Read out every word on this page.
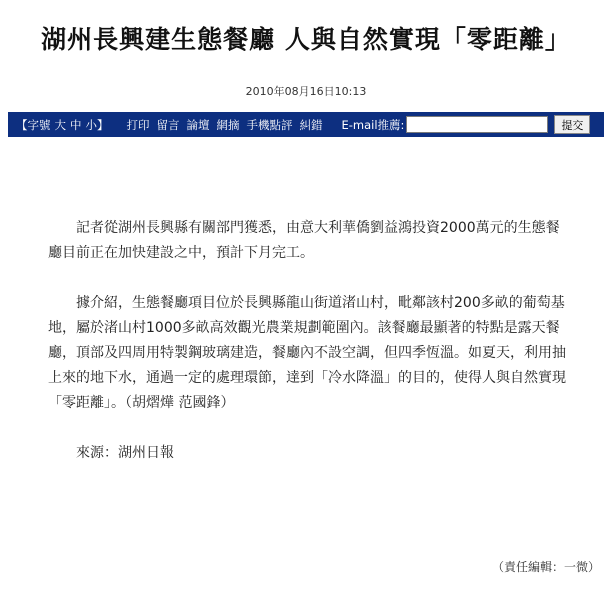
湖州長興建生態餐廳 人與自然實現「零距離」
2010年08月16日10:13
【字號 大 中 小】 打印 留言 論壇 網摘 手機點評 糾錯 E-mail推薦:	提交

記者從湖州長興縣有關部門獲悉，由意大利華僑劉益鴻投資2000萬元的生態餐廳目前正在加快建設之中，預計下月完工。

據介紹，生態餐廳項目位於長興縣龍山街道渚山村，毗鄰該村200多畝的葡萄基地，屬於渚山村1000多畝高效觀光農業規劃範圍內。該餐廳最顯著的特點是露天餐廳，頂部及四周用特製鋼玻璃建造，餐廳內不設空調，但四季恆溫。如夏天，利用抽上來的地下水，通過一定的處理環節，達到「冷水降溫」的目的，使得人與自然實現「零距離」。（胡熠燁 范國鋒）

來源：湖州日報

（責任編輯：一微）
